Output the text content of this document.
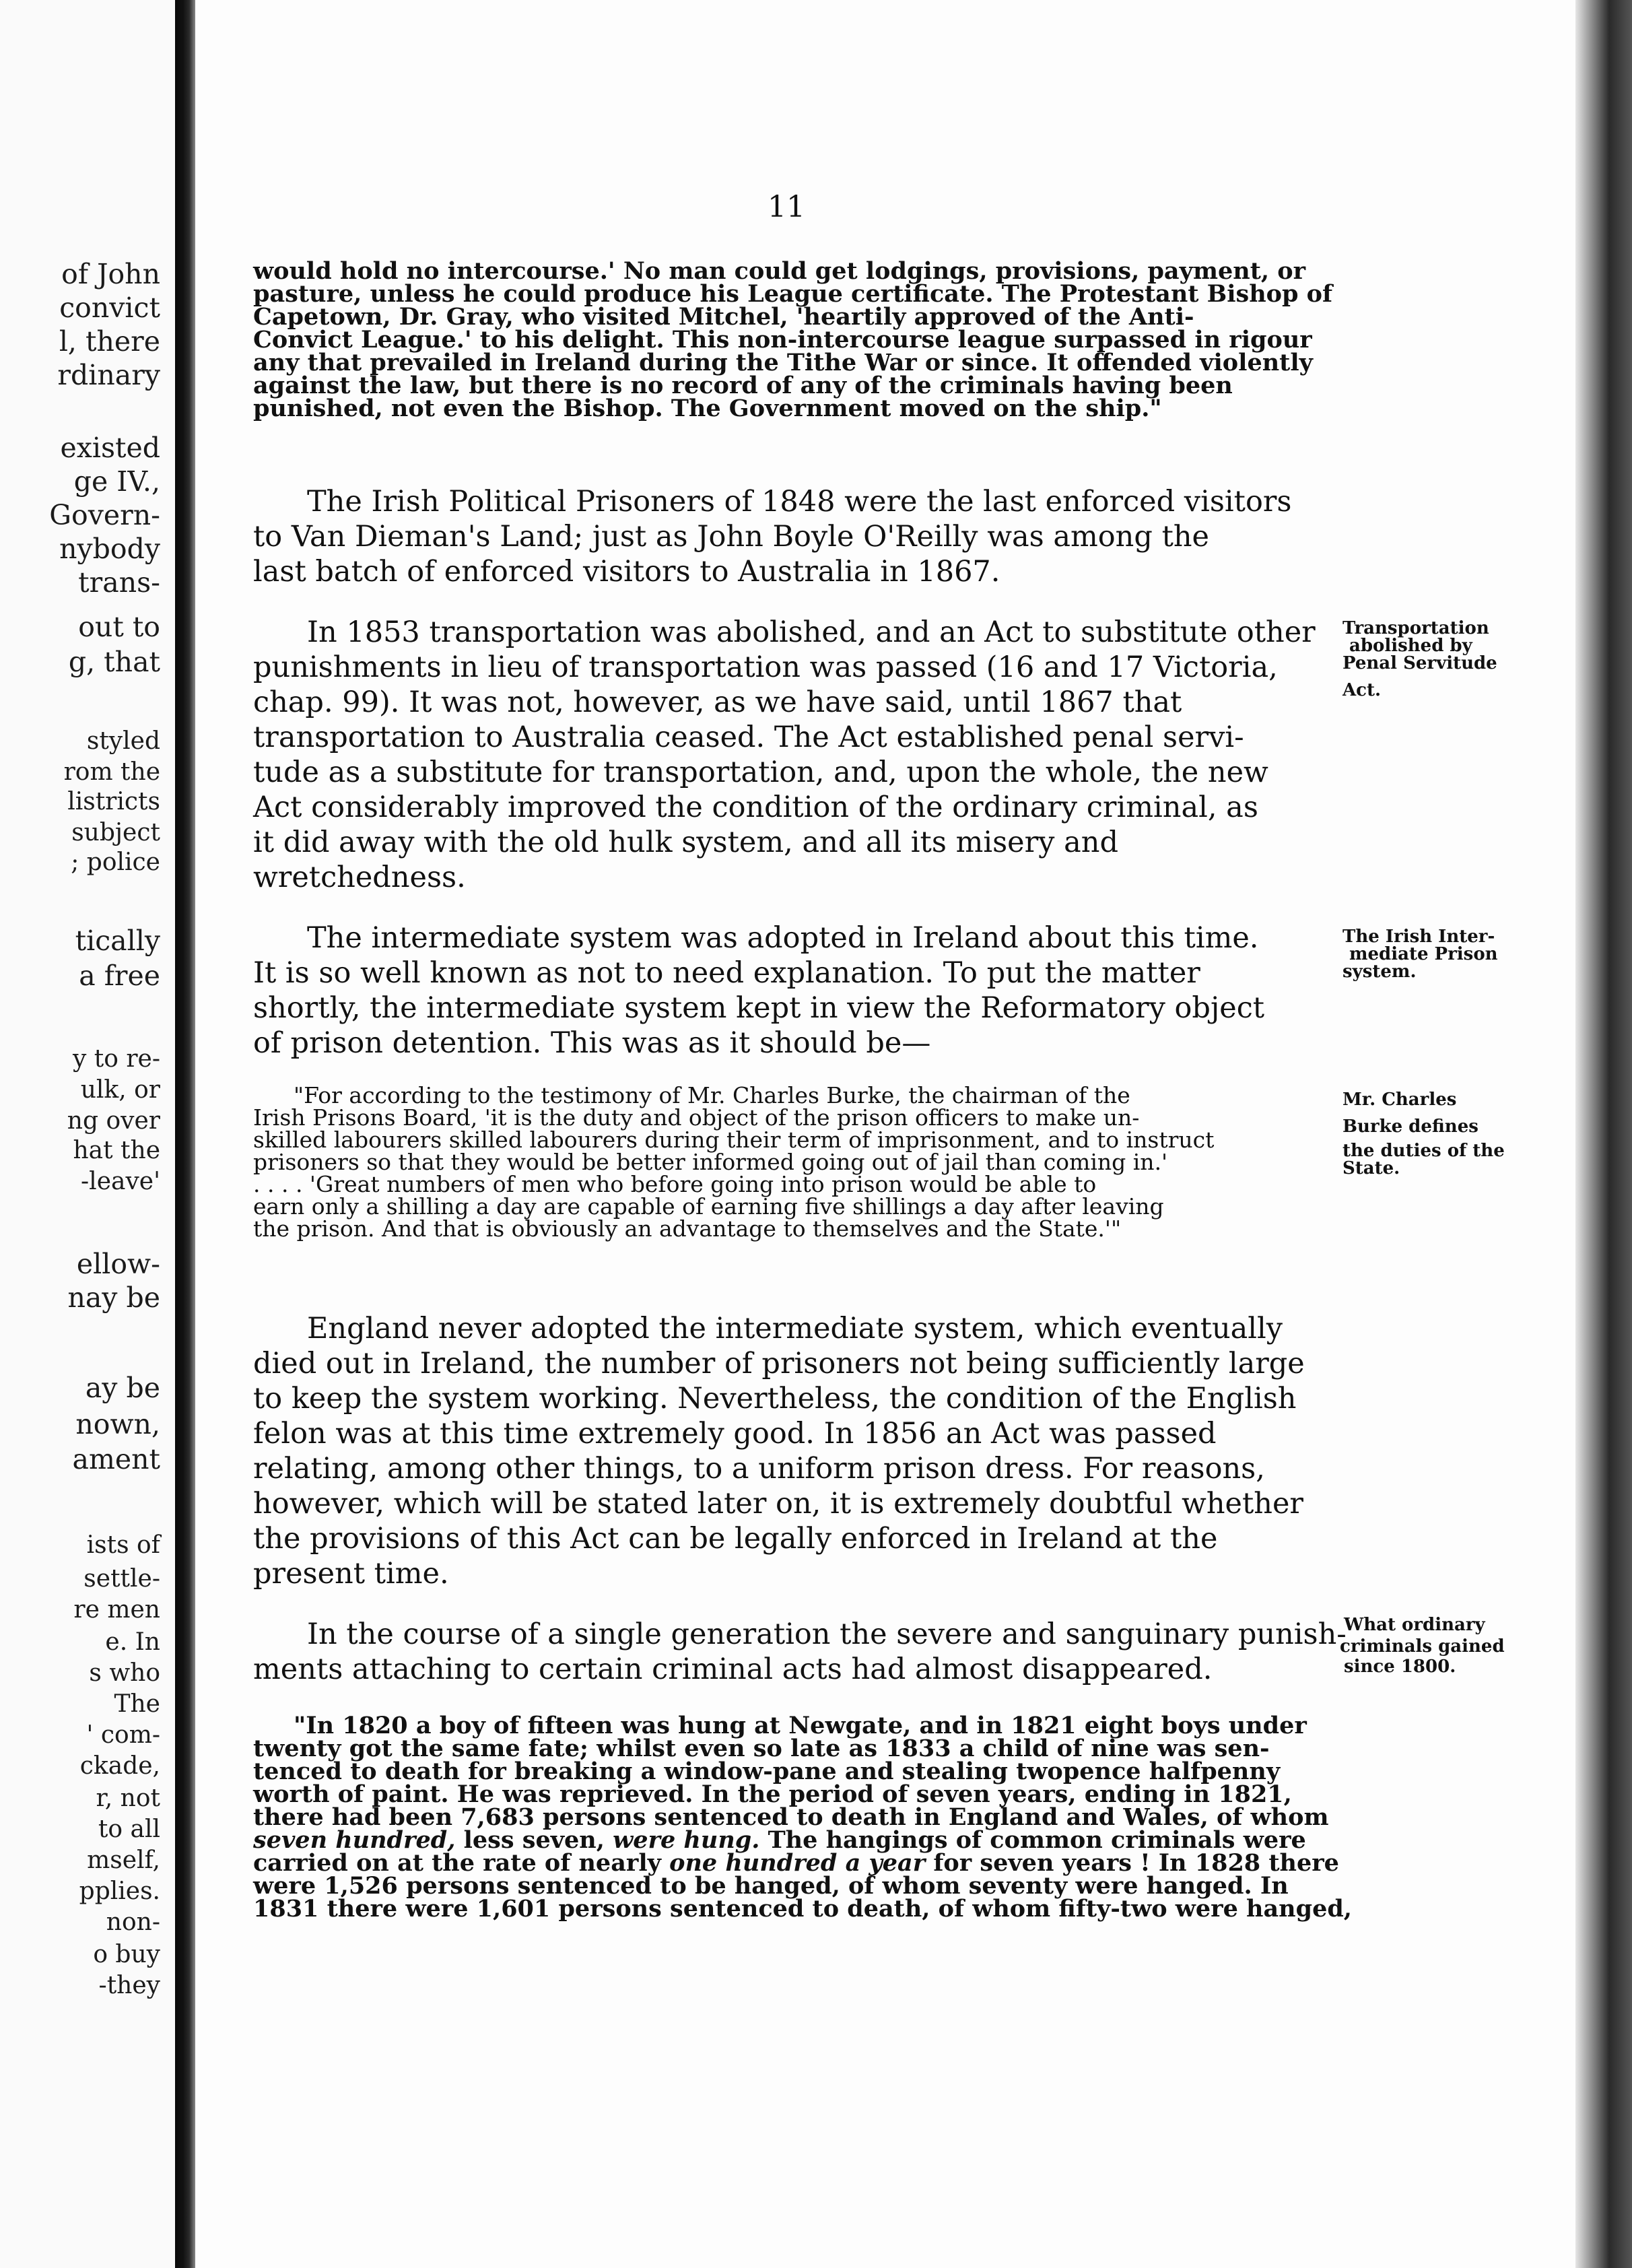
of John
convict
l, there
rdinary
existed
ge IV.,
Govern-
nybody
trans-
out to
g, that
styled
rom the
listricts
subject
; police
tically
a free
y to re-
ulk, or
ng over
hat the
-leave'
ellow-
nay be
ay be
nown,
ament
ists of
settle-
re men
e. In
s who
The
' com-
ckade,
r, not
to all
mself,
pplies.
non-
o buy
-they
11
would hold no intercourse.' No man could get lodgings, provisions, payment, or
pasture, unless he could produce his League certificate. The Protestant Bishop of
Capetown, Dr. Gray, who visited Mitchel, 'heartily approved of the Anti-
Convict League.' to his delight. This non-intercourse league surpassed in rigour
any that prevailed in Ireland during the Tithe War or since. It offended violently
against the law, but there is no record of any of the criminals having been
punished, not even the Bishop. The Government moved on the ship."
The Irish Political Prisoners of 1848 were the last enforced visitors
to Van Dieman's Land; just as John Boyle O'Reilly was among the
last batch of enforced visitors to Australia in 1867.
In 1853 transportation was abolished, and an Act to substitute other
punishments in lieu of transportation was passed (16 and 17 Victoria,
chap. 99). It was not, however, as we have said, until 1867 that
transportation to Australia ceased. The Act established penal servi-
tude as a substitute for transportation, and, upon the whole, the new
Act considerably improved the condition of the ordinary criminal, as
it did away with the old hulk system, and all its misery and
wretchedness.
The intermediate system was adopted in Ireland about this time.
It is so well known as not to need explanation. To put the matter
shortly, the intermediate system kept in view the Reformatory object
of prison detention. This was as it should be—
"For according to the testimony of Mr. Charles Burke, the chairman of the
Irish Prisons Board, 'it is the duty and object of the prison officers to make un-
skilled labourers skilled labourers during their term of imprisonment, and to instruct
prisoners so that they would be better informed going out of jail than coming in.'
. . . . 'Great numbers of men who before going into prison would be able to
earn only a shilling a day are capable of earning five shillings a day after leaving
the prison. And that is obviously an advantage to themselves and the State.'"
England never adopted the intermediate system, which eventually
died out in Ireland, the number of prisoners not being sufficiently large
to keep the system working. Nevertheless, the condition of the English
felon was at this time extremely good. In 1856 an Act was passed
relating, among other things, to a uniform prison dress. For reasons,
however, which will be stated later on, it is extremely doubtful whether
the provisions of this Act can be legally enforced in Ireland at the
present time.
In the course of a single generation the severe and sanguinary punish-
ments attaching to certain criminal acts had almost disappeared.
"In 1820 a boy of fifteen was hung at Newgate, and in 1821 eight boys under
twenty got the same fate; whilst even so late as 1833 a child of nine was sen-
tenced to death for breaking a window-pane and stealing twopence halfpenny
worth of paint. He was reprieved. In the period of seven years, ending in 1821,
there had been 7,683 persons sentenced to death in England and Wales, of whom
seven hundred, less seven, were hung. The hangings of common criminals were
carried on at the rate of nearly one hundred a year for seven years ! In 1828 there
were 1,526 persons sentenced to be hanged, of whom seventy were hanged. In
1831 there were 1,601 persons sentenced to death, of whom fifty-two were hanged,
Transportation
abolished by
Penal Servitude
Act.
The Irish Inter-
mediate Prison
system.
Mr. Charles
Burke defines
the duties of the
State.
What ordinary
criminals gained
since 1800.
